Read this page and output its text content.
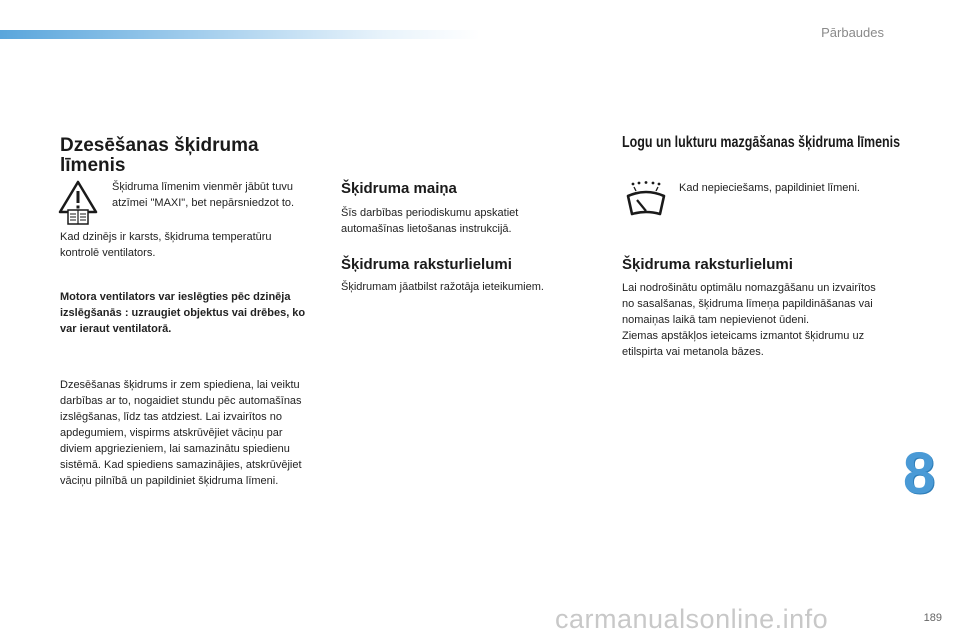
Pārbaudes
Dzesēšanas šķidruma līmenis
Šķidruma līmenim vienmēr jābūt tuvu atzīmei "MAXI", bet nepārsniedzot to.
Kad dzinējs ir karsts, šķidruma temperatūru kontrolē ventilators.
Motora ventilators var ieslēgties pēc dzinēja izslēgšanās : uzraugiet objektus vai drēbes, ko var ieraut ventilatorā.
Dzesēšanas šķidrums ir zem spiediena, lai veiktu darbības ar to, nogaidiet stundu pēc automašīnas izslēgšanas, līdz tas atdziest. Lai izvairītos no apdegumiem, vispirms atskrūvējiet vāciņu par diviem apgriezieniem, lai samazinātu spiedienu sistēmā. Kad spiediens samazinājies, atskrūvējiet vāciņu pilnībā un papildiniet šķidruma līmeni.
Šķidruma maiņa
Šīs darbības periodiskumu apskatiet automašīnas lietošanas instrukcijā.
Šķidruma raksturlielumi
Šķidrumam jāatbilst ražotāja ieteikumiem.
Logu un lukturu mazgāšanas šķidruma līmenis
Kad nepieciešams, papildiniet līmeni.
Šķidruma raksturlielumi
Lai nodrošinātu optimālu nomazgāšanu un izvairītos no sasalšanas, šķidruma līmeņa papildināšanas vai nomaiņas laikā tam nepievienot ūdeni.
Ziemas apstākļos ieteicams izmantot šķidrumu uz etilspirta vai metanola bāzes.
8
carmanualsonline.info	189
